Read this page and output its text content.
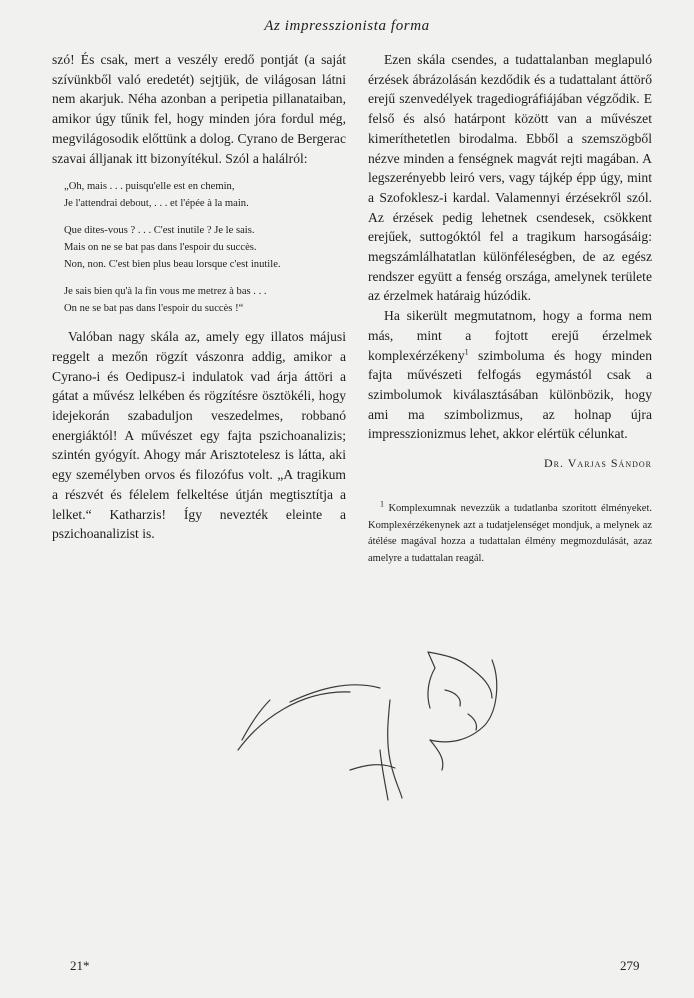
Az impresszionista forma

szó! És csak, mert a veszély eredő pontját (a saját szívünkből való eredetét) sejtjük, de világosan látni nem akarjuk. Néha azonban a peripetia pillanataiban, amikor úgy tűnik fel, hogy minden jóra fordul még, megvilágosodik előttünk a dolog. Cyrano de Bergerac szavai álljanak itt bizonyítékul. Szól a halálról:

„Oh, mais . . . puisqu'elle est en chemin,
Je l'attendrai debout, . . . et l'épée à la main.
Que dites-vous ? . . . C'est inutile ? Je le sais.
Mais on ne se bat pas dans l'espoir du succès.
Non, non. C'est bien plus beau lorsque c'est inutile.
Je sais bien qu'à la fin vous me metrez à bas . . .
On ne se bat pas dans l'espoir du succès !“

Valóban nagy skála az, amely egy illatos májusi reggelt a mezőn rögzít vászonra addig, amikor a Cyrano-i és Oedipusz-i indulatok vad árja áttöri a gátat a művész lelkében és rögzítésre ösztökéli, hogy idejekorán szabaduljon veszedelmes, robbanó energiáktól! A művészet egy fajta pszichoanalizis; szintén gyógyít. Ahogy már Arisztotelesz is látta, aki egy személyben orvos és filozófus volt. „A tragikum a részvét és félelem felkeltése útján megtisztítja a lelket.“ Katharzis! Így nevezték eleinte a pszichoanalizist is.

Ezen skála csendes, a tudattalanban meglapuló érzések ábrázolásán kezdődik és a tudattalant áttörő erejű szenvedélyek tragediográfiájában végződik. E felső és alsó határpont között van a művészet kimeríthetetlen birodalma. Ebből a szemszögből nézve minden a fenségnek magvát rejti magában. A legszerényebb leiró vers, vagy tájkép épp úgy, mint a Szofoklesz-i kardal. Valamennyi érzésekről szól. Az érzések pedig lehetnek csendesek, csökkent erejűek, suttogóktól fel a tragikum harsogásáig: megszámlálhatatlan különféleségben, de az egész rendszer együtt a fenség országa, amelynek területe az érzelmek határaig húzódik.

Ha sikerült megmutatnom, hogy a forma nem más, mint a fojtott erejű érzelmek komplexérzékeny$^1$ szimboluma és hogy minden fajta művészeti felfogás egymástól csak a szimbolumok kiválasztásában különbözik, hogy ami ma szimbolizmus, az holnap újra impresszionizmus lehet, akkor elértük célunkat.

Dr. Varjas Sándor

$^1$ Komplexumnak nevezzük a tudatlanba szoritott élményeket. Komplexérzékenynek azt a tudatjelenséget mondjuk, a melynek az átélése magával hozza a tudattalan élmény megmozdulását, azaz amelyre a tudattalan reagál.

21*	279
